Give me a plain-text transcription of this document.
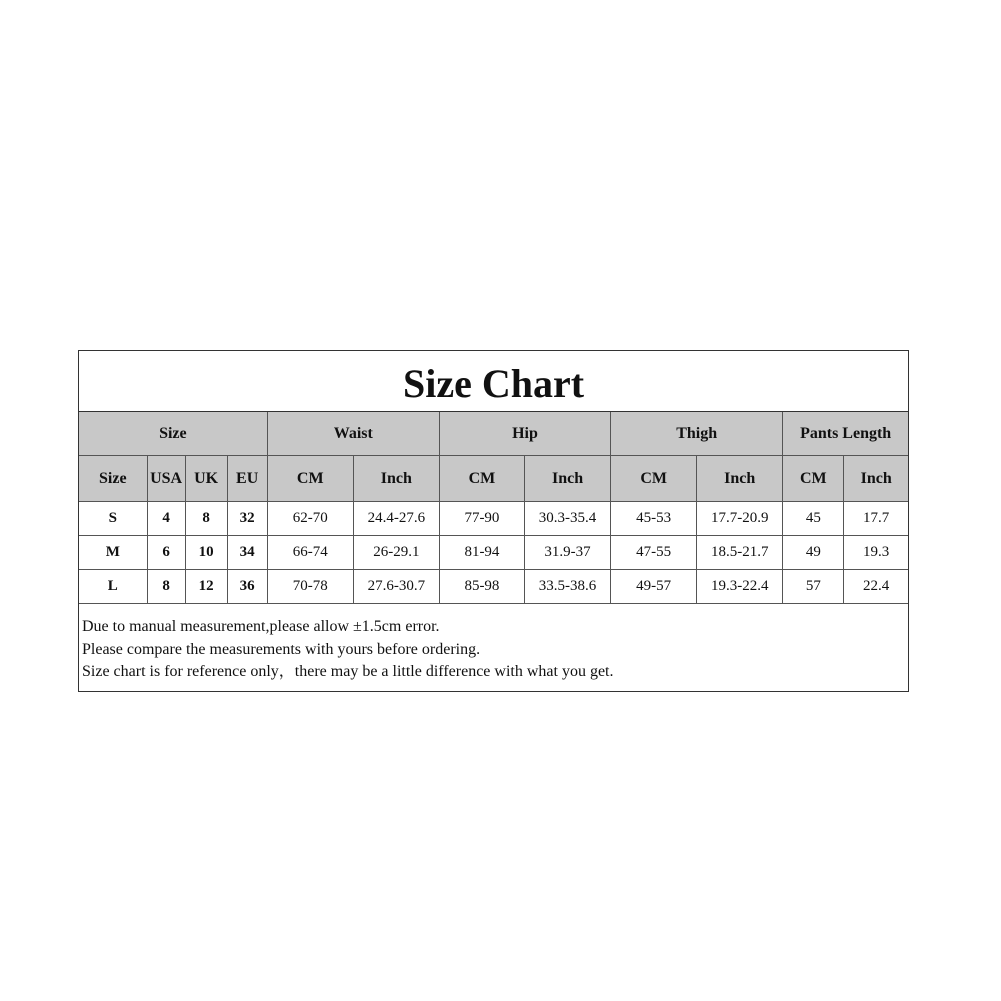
Size Chart
Size				Waist		Hip		Thigh		Pants Length	
Size	USA	UK	EU	CM	Inch	CM	Inch	CM	Inch	CM	Inch
S	4	8	32	62-70	24.4-27.6	77-90	30.3-35.4	45-53	17.7-20.9	45	17.7
M	6	10	34	66-74	26-29.1	81-94	31.9-37	47-55	18.5-21.7	49	19.3
L	8	12	36	70-78	27.6-30.7	85-98	33.5-38.6	49-57	19.3-22.4	57	22.4
Due to manual measurement,please allow ±1.5cm error.
Please compare the measurements with yours before ordering.
Size chart is for reference only，there may be a little difference with what you get.
